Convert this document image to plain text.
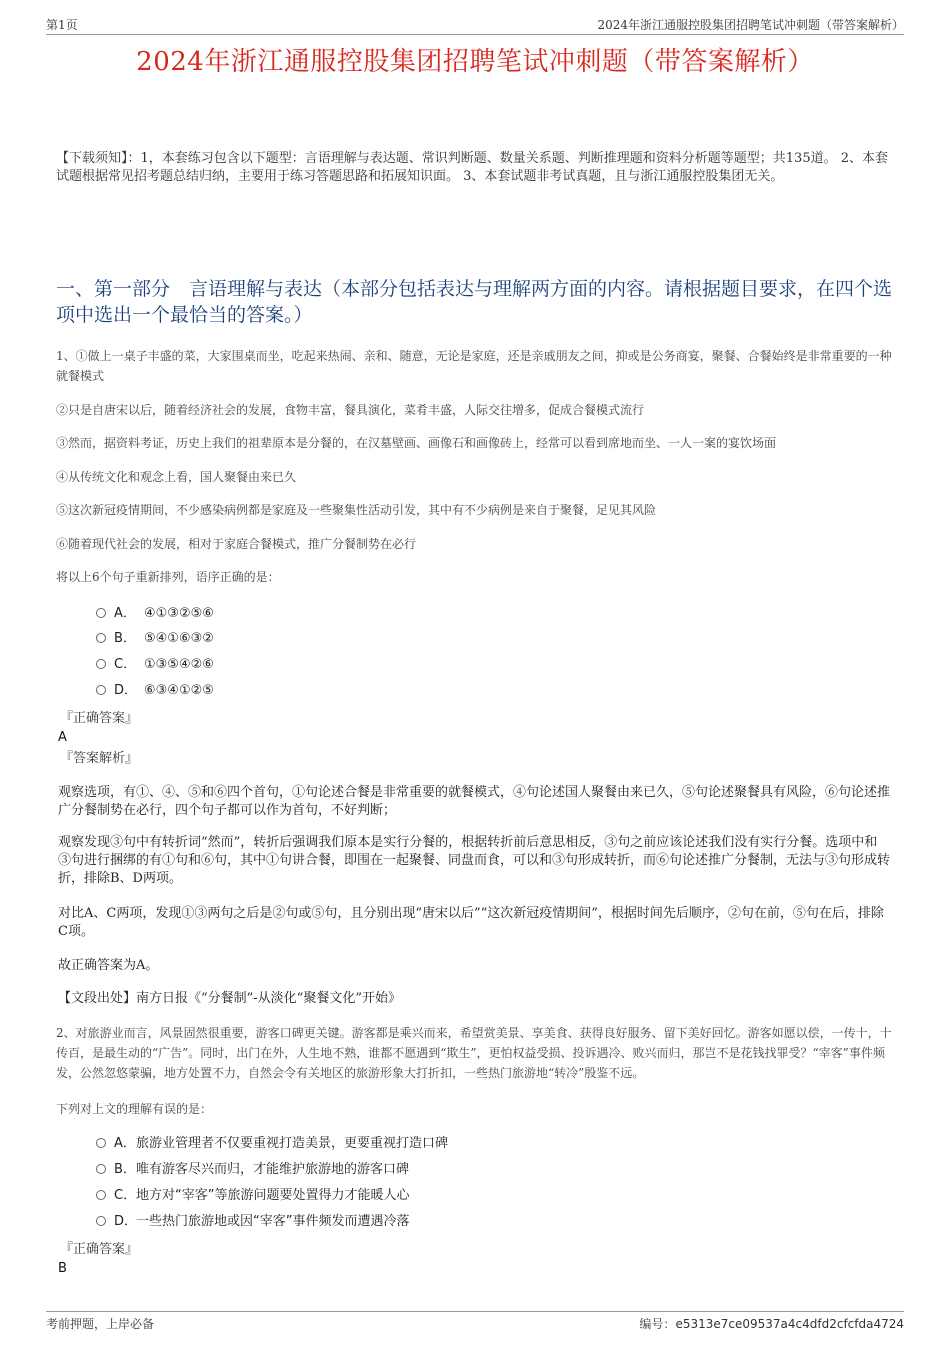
第1页	2024年浙江通服控股集团招聘笔试冲刺题（带答案解析）
2024年浙江通服控股集团招聘笔试冲刺题（带答案解析）
【下载须知】：1，本套练习包含以下题型：言语理解与表达题、常识判断题、数量关系题、判断推理题和资料分析题等题型；共135道。 2、本套试题根据常见招考题总结归纳，主要用于练习答题思路和拓展知识面。 3、本套试题非考试真题，且与浙江通服控股集团无关。
一、第一部分　言语理解与表达（本部分包括表达与理解两方面的内容。请根据题目要求，在四个选项中选出一个最恰当的答案。）
1、①做上一桌子丰盛的菜，大家围桌而坐，吃起来热闹、亲和、随意，无论是家庭，还是亲戚朋友之间，抑或是公务商宴，聚餐、合餐始终是非常重要的一种就餐模式
②只是自唐宋以后，随着经济社会的发展，食物丰富，餐具演化，菜肴丰盛，人际交往增多，促成合餐模式流行
③然而，据资料考证，历史上我们的祖辈原本是分餐的，在汉墓壁画、画像石和画像砖上，经常可以看到席地而坐、一人一案的宴饮场面
④从传统文化和观念上看，国人聚餐由来已久
⑤这次新冠疫情期间，不少感染病例都是家庭及一些聚集性活动引发，其中有不少病例是来自于聚餐，足见其风险
⑥随着现代社会的发展，相对于家庭合餐模式，推广分餐制势在必行
将以上6个句子重新排列，语序正确的是：
A． ④①③②⑤⑥
B． ⑤④①⑥③②
C． ①③⑤④②⑥
D． ⑥③④①②⑤
『正确答案』
A
『答案解析』
观察选项，有①、④、⑤和⑥四个首句，①句论述合餐是非常重要的就餐模式，④句论述国人聚餐由来已久，⑤句论述聚餐具有风险，⑥句论述推广分餐制势在必行，四个句子都可以作为首句，不好判断；
观察发现③句中有转折词“然而”，转折后强调我们原本是实行分餐的，根据转折前后意思相反，③句之前应该论述我们没有实行分餐。选项中和③句进行捆绑的有①句和⑥句，其中①句讲合餐，即围在一起聚餐、同盘而食，可以和③句形成转折，而⑥句论述推广分餐制，无法与③句形成转折，排除B、D两项。
对比A、C两项，发现①③两句之后是②句或⑤句，且分别出现“唐宋以后”“这次新冠疫情期间”，根据时间先后顺序，②句在前，⑤句在后，排除C项。
故正确答案为A。
【文段出处】南方日报《“分餐制”-从淡化“聚餐文化”开始》
2、对旅游业而言，风景固然很重要，游客口碑更关键。游客都是乘兴而来，希望赏美景、享美食、获得良好服务、留下美好回忆。游客如愿以偿，一传十，十传百，是最生动的“广告”。同时，出门在外，人生地不熟，谁都不愿遇到“欺生”，更怕权益受损、投诉遇冷、败兴而归，那岂不是花钱找罪受？“宰客”事件频发，公然忽悠蒙骗，地方处置不力，自然会令有关地区的旅游形象大打折扣，一些热门旅游地“转冷”殷鉴不远。
下列对上文的理解有误的是：
A．旅游业管理者不仅要重视打造美景，更要重视打造口碑
B．唯有游客尽兴而归，才能维护旅游地的游客口碑
C．地方对“宰客”等旅游问题要处置得力才能暖人心
D．一些热门旅游地或因“宰客”事件频发而遭遇冷落
『正确答案』
B
考前押题，上岸必备	编号：e5313e7ce09537a4c4dfd2cfcfda4724
